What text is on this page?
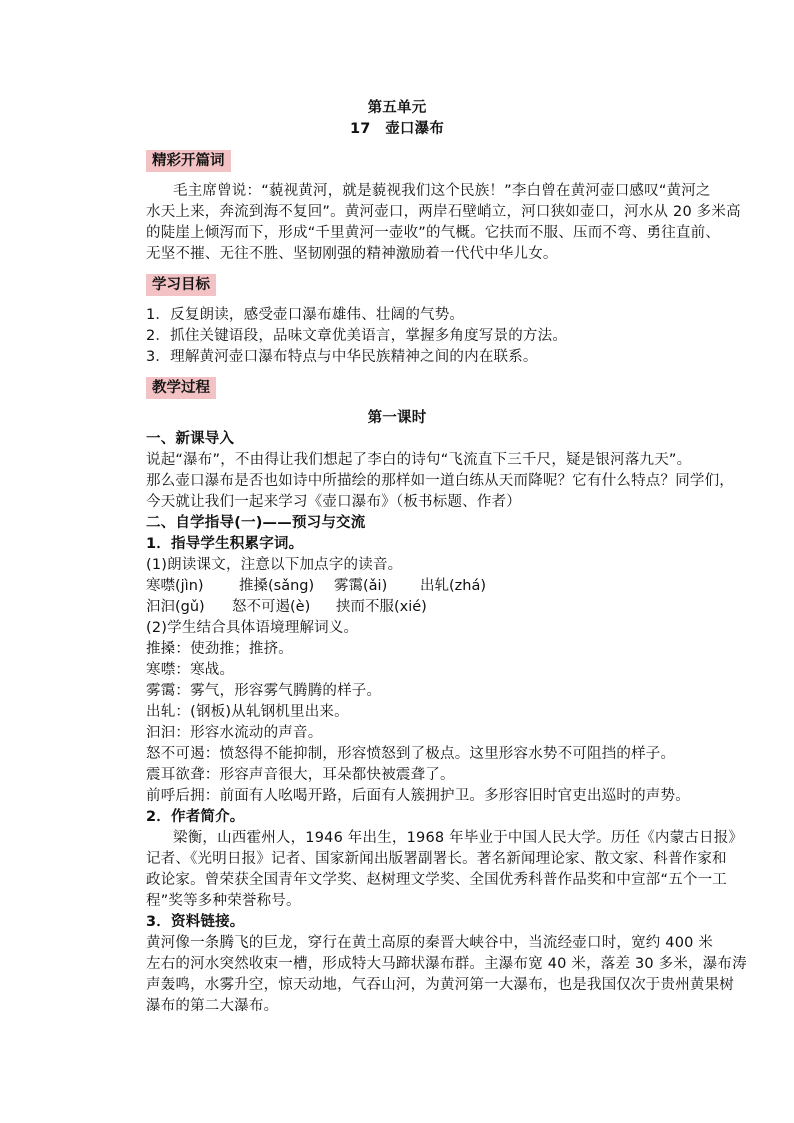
第五单元
17　壶口瀑布
精彩开篇词
毛主席曾说：“藐视黄河，就是藐视我们这个民族！”李白曾在黄河壶口感叹“黄河之
水天上来，奔流到海不复回”。黄河壶口，两岸石壁峭立，河口狭如壶口，河水从 20 多米高
的陡崖上倾泻而下，形成“千里黄河一壶收”的气概。它扶而不服、压而不弯、勇往直前、
无坚不摧、无往不胜、坚韧刚强的精神激励着一代代中华儿女。
学习目标
1．反复朗读，感受壶口瀑布雄伟、壮阔的气势。
2．抓住关键语段，品味文章优美语言，掌握多角度写景的方法。
3．理解黄河壶口瀑布特点与中华民族精神之间的内在联系。
教学过程
第一课时
一、新课导入
说起“瀑布”，不由得让我们想起了李白的诗句“飞流直下三千尺，疑是银河落九天”。
那么壶口瀑布是否也如诗中所描绘的那样如一道白练从天而降呢？它有什么特点？同学们，
今天就让我们一起来学习《壶口瀑布》（板书标题、作者）
二、自学指导(一)——预习与交流
1．指导学生积累字词。
(1)朗读课文，注意以下加点字的读音。
寒噤(jìn) 推搡(sǎng) 雾霭(ǎi) 出轧(zhá)
汩汩(gǔ) 怒不可遏(è) 挟而不服(xié)
(2)学生结合具体语境理解词义。
推搡：使劲推；推挤。
寒噤：寒战。
雾霭：雾气，形容雾气腾腾的样子。
出轧：(钢板)从轧钢机里出来。
汩汩：形容水流动的声音。
怒不可遏：愤怒得不能抑制，形容愤怒到了极点。这里形容水势不可阻挡的样子。
震耳欲聋：形容声音很大，耳朵都快被震聋了。
前呼后拥：前面有人吆喝开路，后面有人簇拥护卫。多形容旧时官吏出巡时的声势。
2．作者简介。
梁衡，山西霍州人，1946 年出生，1968 年毕业于中国人民大学。历任《内蒙古日报》
记者、《光明日报》记者、国家新闻出版署副署长。著名新闻理论家、散文家、科普作家和
政论家。曾荣获全国青年文学奖、赵树理文学奖、全国优秀科普作品奖和中宣部“五个一工
程”奖等多种荣誉称号。
3．资料链接。
黄河像一条腾飞的巨龙，穿行在黄土高原的秦晋大峡谷中，当流经壶口时，宽约 400 米
左右的河水突然收束一槽，形成特大马蹄状瀑布群。主瀑布宽 40 米，落差 30 多米，瀑布涛
声轰鸣，水雾升空，惊天动地，气吞山河，为黄河第一大瀑布，也是我国仅次于贵州黄果树
瀑布的第二大瀑布。
